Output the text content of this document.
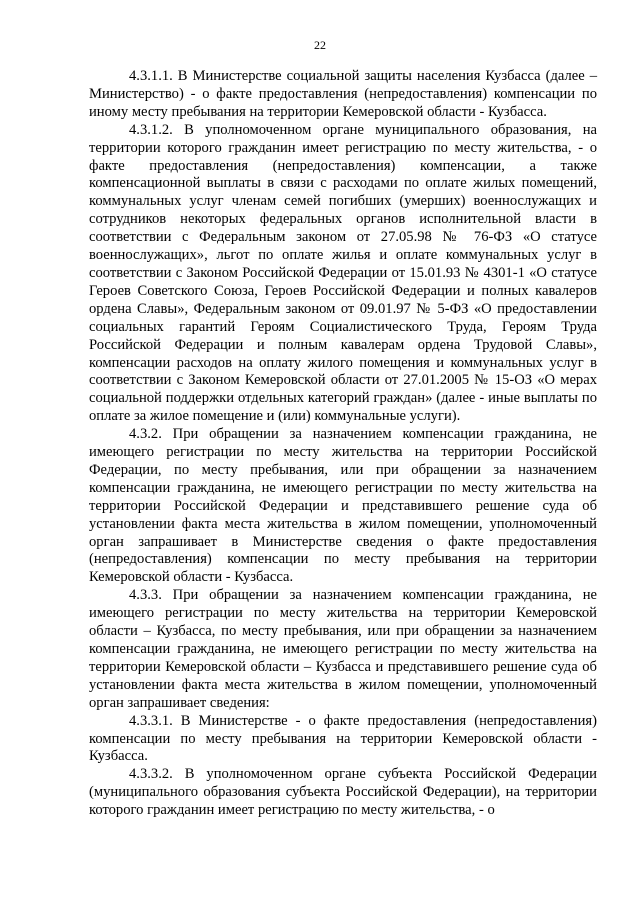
22

4.3.1.1. В Министерстве социальной защиты населения Кузбасса (далее – Министерство) - о факте предоставления (непредоставления) компенсации по иному месту пребывания на территории Кемеровской области - Кузбасса.

4.3.1.2. В уполномоченном органе муниципального образования, на территории которого гражданин имеет регистрацию по месту жительства, - о факте предоставления (непредоставления) компенсации, а также компенсационной выплаты в связи с расходами по оплате жилых помещений, коммунальных услуг членам семей погибших (умерших) военнослужащих и сотрудников некоторых федеральных органов исполнительной власти в соответствии с Федеральным законом от 27.05.98 № 76-ФЗ «О статусе военнослужащих», льгот по оплате жилья и оплате коммунальных услуг в соответствии с Законом Российской Федерации от 15.01.93 № 4301-1 «О статусе Героев Советского Союза, Героев Российской Федерации и полных кавалеров ордена Славы», Федеральным законом от 09.01.97 № 5-ФЗ «О предоставлении социальных гарантий Героям Социалистического Труда, Героям Труда Российской Федерации и полным кавалерам ордена Трудовой Славы», компенсации расходов на оплату жилого помещения и коммунальных услуг в соответствии с Законом Кемеровской области от 27.01.2005 № 15-ОЗ «О мерах социальной поддержки отдельных категорий граждан» (далее - иные выплаты по оплате за жилое помещение и (или) коммунальные услуги).

4.3.2. При обращении за назначением компенсации гражданина, не имеющего регистрации по месту жительства на территории Российской Федерации, по месту пребывания, или при обращении за назначением компенсации гражданина, не имеющего регистрации по месту жительства на территории Российской Федерации и представившего решение суда об установлении факта места жительства в жилом помещении, уполномоченный орган запрашивает в Министерстве сведения о факте предоставления (непредоставления) компенсации по месту пребывания на территории Кемеровской области - Кузбасса.

4.3.3. При обращении за назначением компенсации гражданина, не имеющего регистрации по месту жительства на территории Кемеровской области – Кузбасса, по месту пребывания, или при обращении за назначением компенсации гражданина, не имеющего регистрации по месту жительства на территории Кемеровской области – Кузбасса и представившего решение суда об установлении факта места жительства в жилом помещении, уполномоченный орган запрашивает сведения:

4.3.3.1. В Министерстве - о факте предоставления (непредоставления) компенсации по месту пребывания на территории Кемеровской области - Кузбасса.

4.3.3.2. В уполномоченном органе субъекта Российской Федерации (муниципального образования субъекта Российской Федерации), на территории которого гражданин имеет регистрацию по месту жительства, - о
